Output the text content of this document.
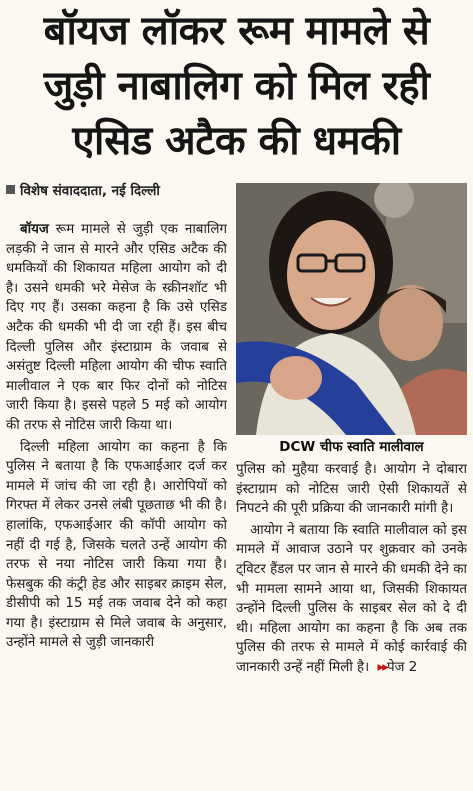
बॉयज लॉकर रूम मामले से
जुड़ी नाबालिग को मिल रही
एसिड अटैक की धमकी
विशेष संवाददाता, नई दिल्ली

बॉयज रूम मामले से जुड़ी एक नाबालिग लड़की ने जान से मारने और एसिड अटैक की धमकियों की शिकायत महिला आयोग को दी है। उसने धमकी भरे मेसेज के स्क्रीनशॉट भी दिए गए हैं। उसका कहना है कि उसे एसिड अटैक की धमकी भी दी जा रही हैं। इस बीच दिल्ली पुलिस और इंस्टाग्राम के जवाब से असंतुष्ट दिल्ली महिला आयोग की चीफ स्वाति मालीवाल ने एक बार फिर दोनों को नोटिस जारी किया है। इससे पहले 5 मई को आयोग की तरफ से नोटिस जारी किया था।

दिल्ली महिला आयोग का कहना है कि पुलिस ने बताया है कि एफआईआर दर्ज कर मामले में जांच की जा रही है। आरोपियों को गिरफ्त में लेकर उनसे लंबी पूछताछ भी की है। हालांकि, एफआईआर की कॉपी आयोग को नहीं दी गई है, जिसके चलते उन्हें आयोग की तरफ से नया नोटिस जारी किया गया है। फेसबुक की कंट्री हेड और साइबर क्राइम सेल, डीसीपी को 15 मई तक जवाब देने को कहा गया है। इंस्टाग्राम से मिले जवाब के अनुसार, उन्होंने मामले से जुड़ी जानकारी

DCW चीफ स्वाति मालीवाल

पुलिस को मुहैया करवाई है। आयोग ने दोबारा इंस्टाग्राम को नोटिस जारी ऐसी शिकायतें से निपटने की पूरी प्रक्रिया की जानकारी मांगी है।

आयोग ने बताया कि स्वाति मालीवाल को इस मामले में आवाज उठाने पर शुक्रवार को उनके ट्विटर हैंडल पर जान से मारने की धमकी देने का भी मामला सामने आया था, जिसकी शिकायत उन्होंने दिल्ली पुलिस के साइबर सेल को दे दी थी। महिला आयोग का कहना है कि अब तक पुलिस की तरफ से मामले में कोई कार्रवाई की जानकारी उन्हें नहीं मिली है। ▸▸पेज 2
